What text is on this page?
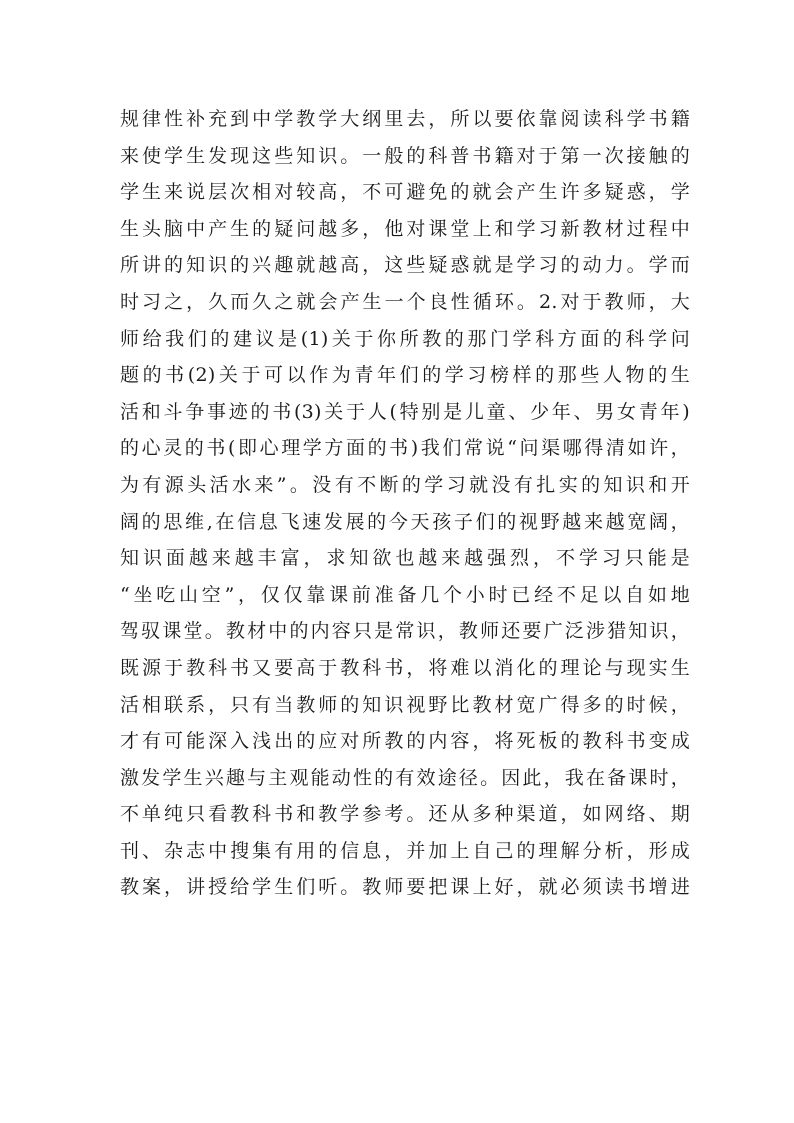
规律性补充到中学教学大纲里去，所以要依靠阅读科学书籍
来使学生发现这些知识。一般的科普书籍对于第一次接触的
学生来说层次相对较高，不可避免的就会产生许多疑惑，学
生头脑中产生的疑问越多，他对课堂上和学习新教材过程中
所讲的知识的兴趣就越高，这些疑惑就是学习的动力。学而
时习之，久而久之就会产生一个良性循环。2.对于教师，大
师给我们的建议是(1)关于你所教的那门学科方面的科学问
题的书(2)关于可以作为青年们的学习榜样的那些人物的生
活和斗争事迹的书(3)关于人(特别是儿童、少年、男女青年)
的心灵的书(即心理学方面的书)我们常说“问渠哪得清如许，
为有源头活水来”。没有不断的学习就没有扎实的知识和开
阔的思维,在信息飞速发展的今天孩子们的视野越来越宽阔，
知识面越来越丰富，求知欲也越来越强烈，不学习只能是
“坐吃山空”，仅仅靠课前准备几个小时已经不足以自如地
驾驭课堂。教材中的内容只是常识，教师还要广泛涉猎知识，
既源于教科书又要高于教科书，将难以消化的理论与现实生
活相联系，只有当教师的知识视野比教材宽广得多的时候，
才有可能深入浅出的应对所教的内容，将死板的教科书变成
激发学生兴趣与主观能动性的有效途径。因此，我在备课时，
不单纯只看教科书和教学参考。还从多种渠道，如网络、期
刊、杂志中搜集有用的信息，并加上自己的理解分析，形成
教案，讲授给学生们听。教师要把课上好，就必须读书增进
